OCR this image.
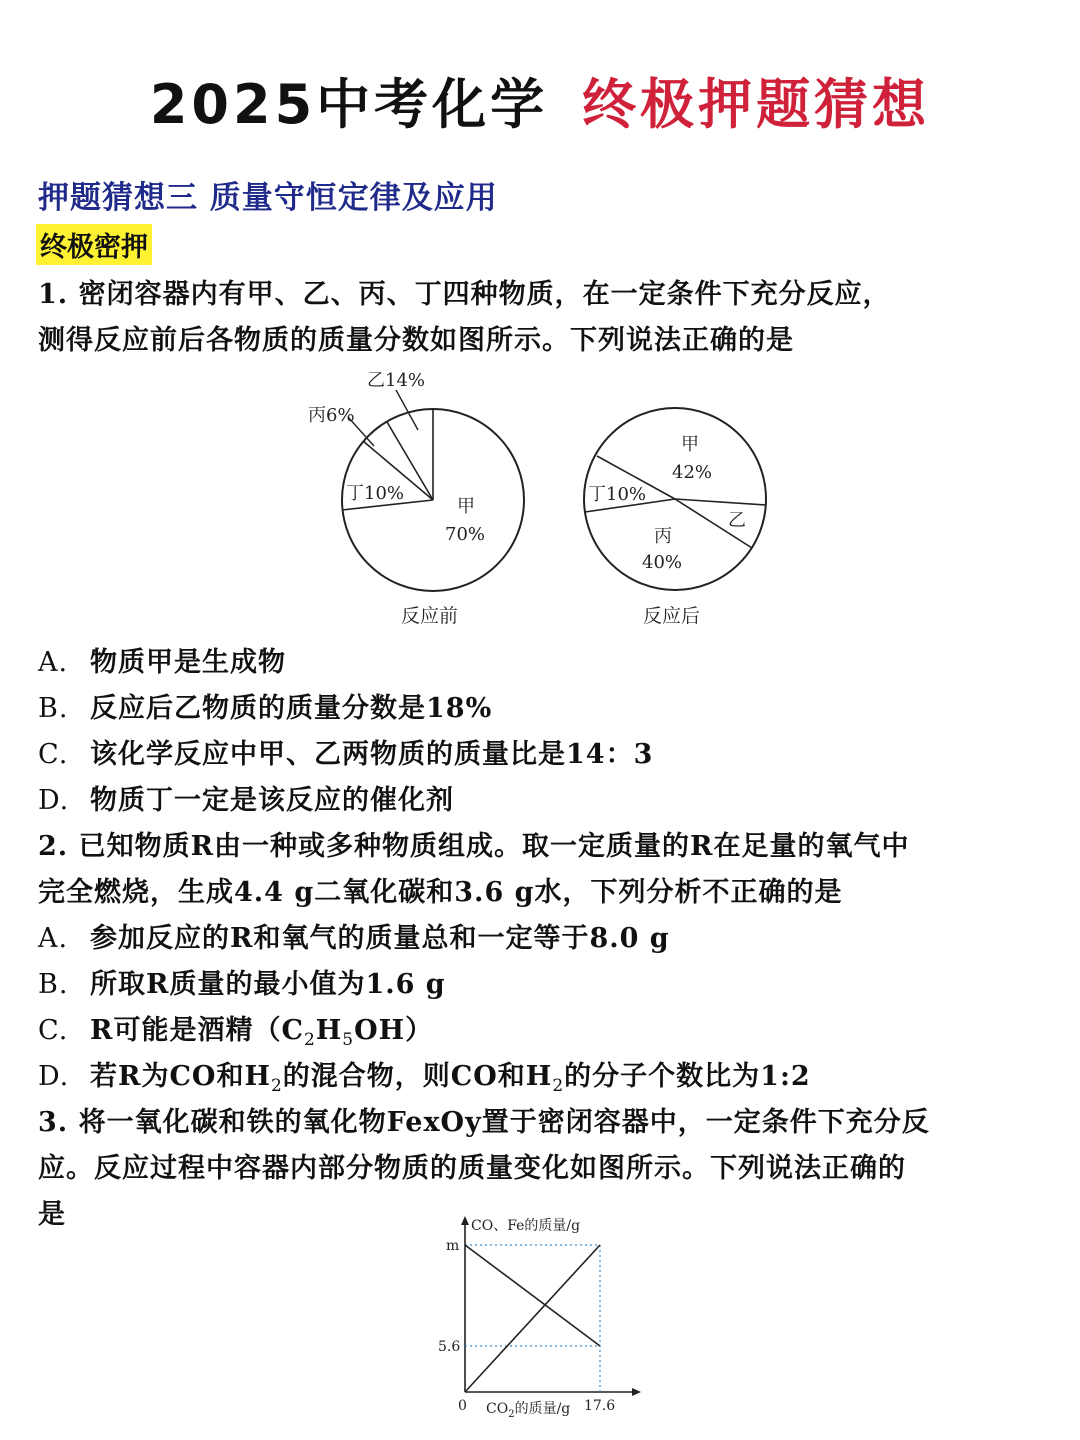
2025中考化学 终极押题猜想
押题猜想三 质量守恒定律及应用
终极密押
1. 密闭容器内有甲、乙、丙、丁四种物质，在一定条件下充分反应，
测得反应前后各物质的质量分数如图所示。下列说法正确的是
乙14%
丙6%
丁10%
甲
70%
反应前
甲
42%
丁10%
乙
丙
40%
反应后
A. 物质甲是生成物
B. 反应后乙物质的质量分数是18%
C. 该化学反应中甲、乙两物质的质量比是14：3
D. 物质丁一定是该反应的催化剂
2. 已知物质R由一种或多种物质组成。取一定质量的R在足量的氧气中
完全燃烧，生成4.4 g二氧化碳和3.6 g水，下列分析不正确的是
A. 参加反应的R和氧气的质量总和一定等于8.0 g
B. 所取R质量的最小值为1.6 g
C. R可能是酒精$(C_2H_5OH)$
D. 若R为CO和$H_2$的混合物，则CO和$H_2$的分子个数比为1:2
3. 将一氧化碳和铁的氧化物FexOy置于密闭容器中，一定条件下充分反
应。反应过程中容器内部分物质的质量变化如图所示。下列说法正确的
是	CO、Fe的质量/g
m
5.6
0 $CO_2$的质量/g 17.6
